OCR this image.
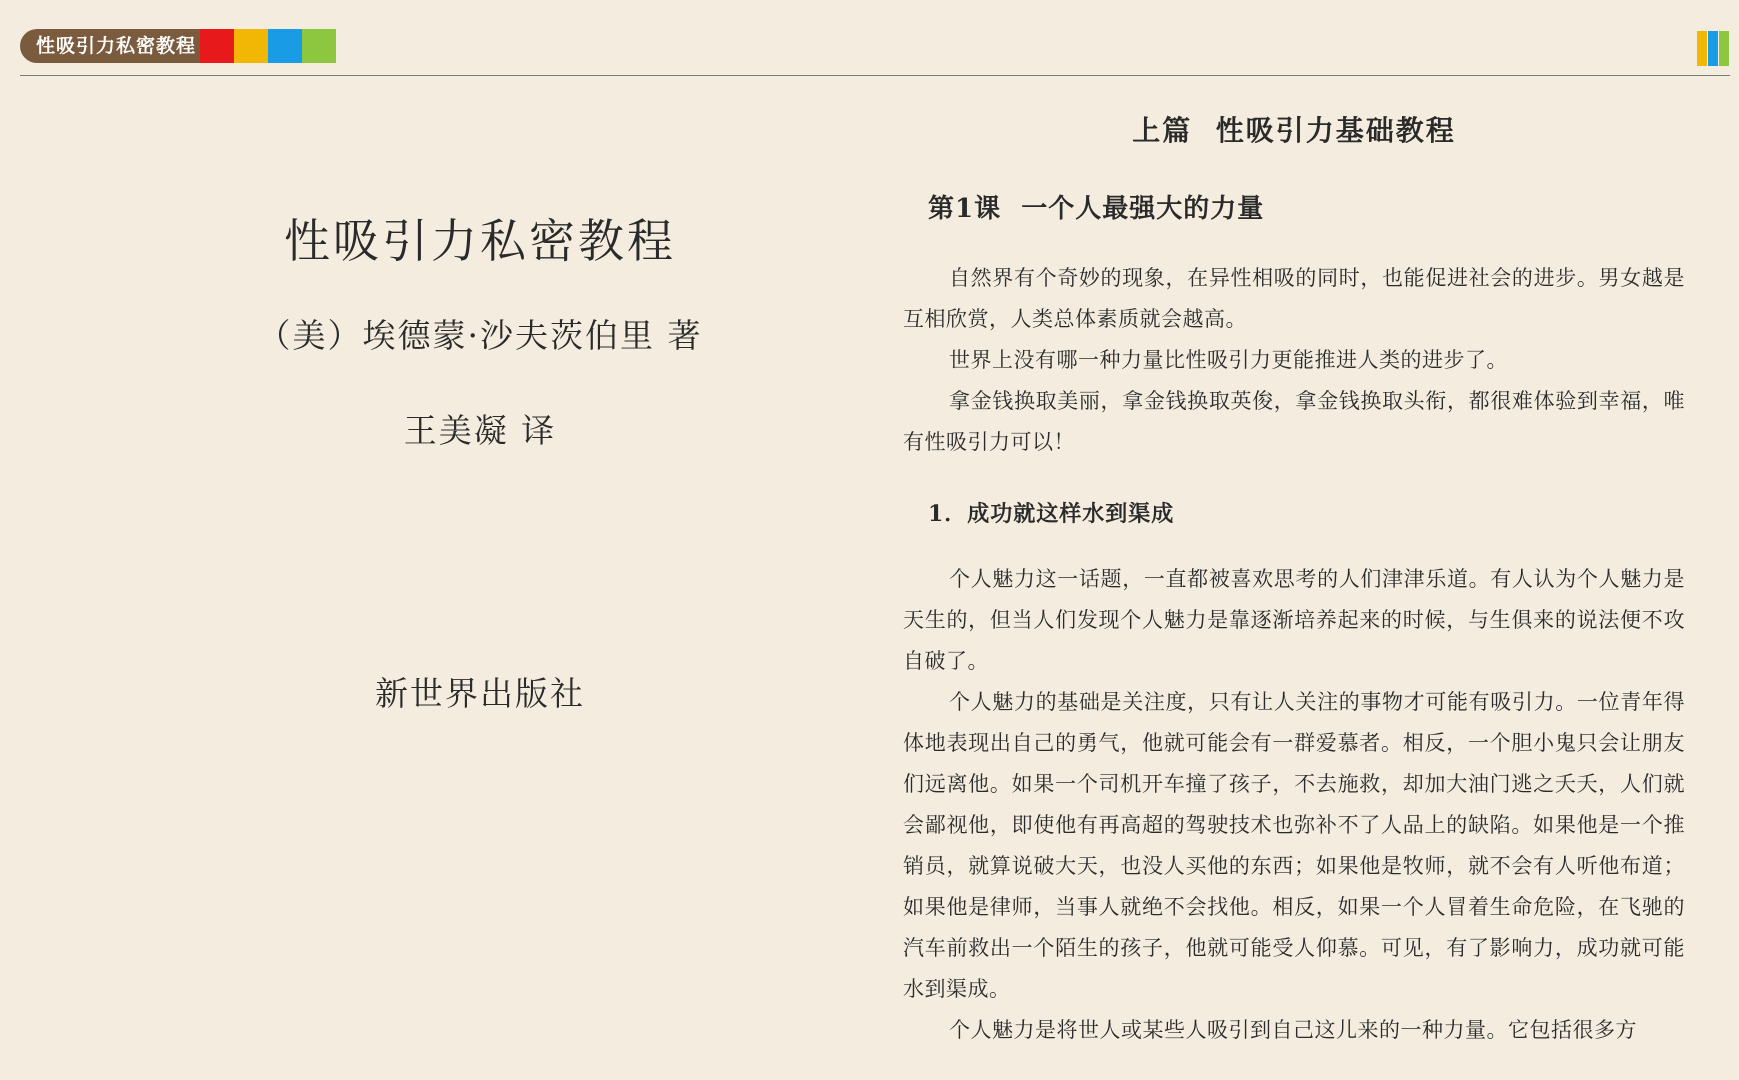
性吸引力私密教程
性吸引力私密教程
（美）埃德蒙·沙夫茨伯里 著
王美凝 译
新世界出版社
上篇  性吸引力基础教程
第1课  一个人最强大的力量

自然界有个奇妙的现象，在异性相吸的同时，也能促进社会的进步。男女越是互相欣赏，人类总体素质就会越高。

世界上没有哪一种力量比性吸引力更能推进人类的进步了。

拿金钱换取美丽，拿金钱换取英俊，拿金钱换取头衔，都很难体验到幸福，唯有性吸引力可以！

1．成功就这样水到渠成

个人魅力这一话题，一直都被喜欢思考的人们津津乐道。有人认为个人魅力是天生的，但当人们发现个人魅力是靠逐渐培养起来的时候，与生俱来的说法便不攻自破了。

个人魅力的基础是关注度，只有让人关注的事物才可能有吸引力。一位青年得体地表现出自己的勇气，他就可能会有一群爱慕者。相反，一个胆小鬼只会让朋友们远离他。如果一个司机开车撞了孩子，不去施救，却加大油门逃之夭夭，人们就会鄙视他，即使他有再高超的驾驶技术也弥补不了人品上的缺陷。如果他是一个推销员，就算说破大天，也没人买他的东西；如果他是牧师，就不会有人听他布道；如果他是律师，当事人就绝不会找他。相反，如果一个人冒着生命危险，在飞驰的汽车前救出一个陌生的孩子，他就可能受人仰慕。可见，有了影响力，成功就可能水到渠成。

个人魅力是将世人或某些人吸引到自己这儿来的一种力量。它包括很多方
